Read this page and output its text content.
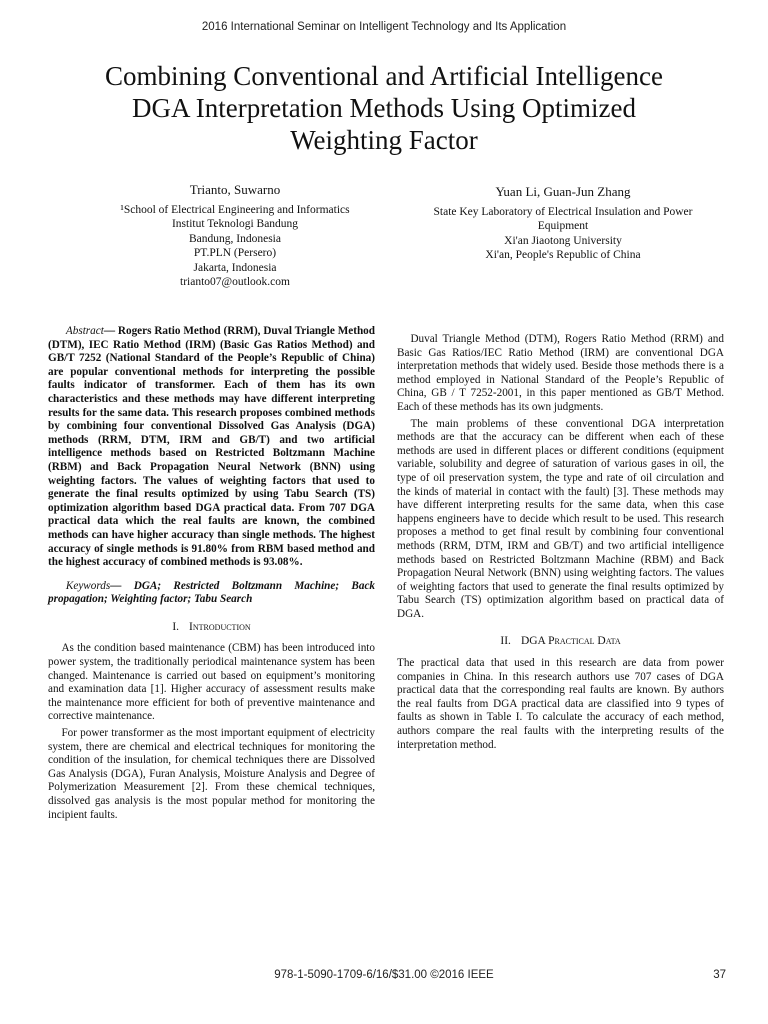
2016 International Seminar on Intelligent Technology and Its Application
Combining Conventional and Artificial Intelligence
DGA Interpretation Methods Using Optimized
Weighting Factor
Trianto, Suwarno
¹School of Electrical Engineering and Informatics
Institut Teknologi Bandung
Bandung, Indonesia
PT.PLN (Persero)
Jakarta, Indonesia
trianto07@outlook.com
Yuan Li, Guan-Jun Zhang
State Key Laboratory of Electrical Insulation and Power
Equipment
Xi'an Jiaotong University
Xi'an, People's Republic of China

Abstract— Rogers Ratio Method (RRM), Duval Triangle Method (DTM), IEC Ratio Method (IRM) (Basic Gas Ratios Method) and GB/T 7252 (National Standard of the People’s Republic of China) are popular conventional methods for interpreting the possible faults indicator of transformer. Each of them has its own characteristics and these methods may have different interpreting results for the same data. This research proposes combined methods by combining four conventional Dissolved Gas Analysis (DGA) methods (RRM, DTM, IRM and GB/T) and two artificial intelligence methods based on Restricted Boltzmann Machine (RBM) and Back Propagation Neural Network (BNN) using weighting factors. The values of weighting factors that used to generate the final results optimized by using Tabu Search (TS) optimization algorithm based DGA practical data. From 707 DGA practical data which the real faults are known, the combined methods can have higher accuracy than single methods. The highest accuracy of single methods is 91.80% from RBM based method and the highest accuracy of combined methods is 93.08%.

Keywords— DGA; Restricted Boltzmann Machine; Back propagation; Weighting factor; Tabu Search

I. Introduction

As the condition based maintenance (CBM) has been introduced into power system, the traditionally periodical maintenance system has been changed. Maintenance is carried out based on equipment’s monitoring and examination data [1]. Higher accuracy of assessment results make the maintenance more efficient for both of preventive maintenance and corrective maintenance.

For power transformer as the most important equipment of electricity system, there are chemical and electrical techniques for monitoring the condition of the insulation, for chemical techniques there are Dissolved Gas Analysis (DGA), Furan Analysis, Moisture Analysis and Degree of Polymerization Measurement [2]. From these chemical techniques, dissolved gas analysis is the most popular method for monitoring the incipient faults.

Duval Triangle Method (DTM), Rogers Ratio Method (RRM) and Basic Gas Ratios/IEC Ratio Method (IRM) are conventional DGA interpretation methods that widely used. Beside those methods there is a method employed in National Standard of the People’s Republic of China, GB / T 7252-2001, in this paper mentioned as GB/T Method. Each of these methods has its own judgments.

The main problems of these conventional DGA interpretation methods are that the accuracy can be different when each of these methods are used in different places or different conditions (equipment variable, solubility and degree of saturation of various gases in oil, the type of oil preservation system, the type and rate of oil circulation and the kinds of material in contact with the fault) [3]. These methods may have different interpreting results for the same data, when this case happens engineers have to decide which result to be used. This research proposes a method to get final result by combining four conventional methods (RRM, DTM, IRM and GB/T) and two artificial intelligence methods based on Restricted Boltzmann Machine (RBM) and Back Propagation Neural Network (BNN) using weighting factors. The values of weighting factors that used to generate the final results optimized by Tabu Search (TS) optimization algorithm based on practical data of DGA.

II. DGA Practical Data

The practical data that used in this research are data from power companies in China. In this research authors use 707 cases of DGA practical data that the corresponding real faults are known. By authors the real faults from DGA practical data are classified into 9 types of faults as shown in Table I. To calculate the accuracy of each method, authors compare the real faults with the interpreting results of the interpretation method.

978-1-5090-1709-6/16/$31.00 ©2016 IEEE	37
